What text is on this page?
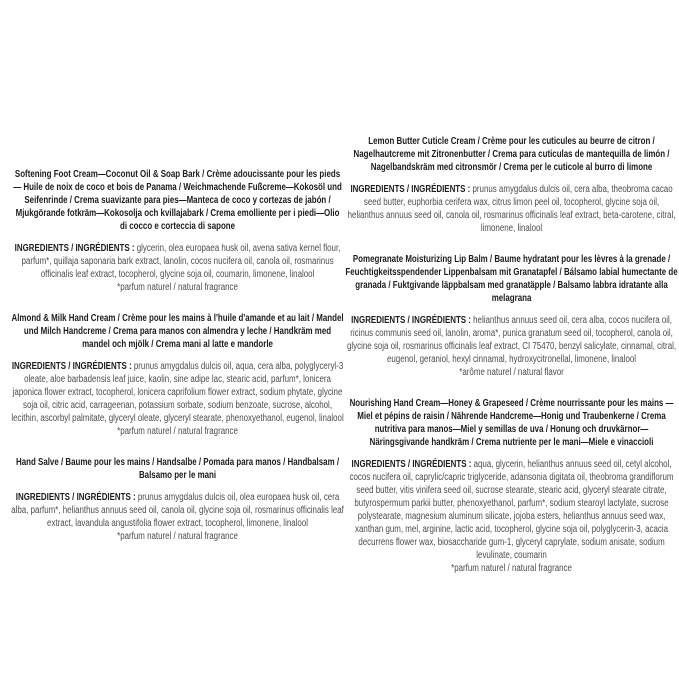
Softening Foot Cream—Coconut Oil & Soap Bark / Crème adoucissante pour les pieds — Huile de noix de coco et bois de Panama / Weichmachende Fußcreme—Kokosöl und Seifenrinde / Crema suavizante para pies—Manteca de coco y cortezas de jabón / Mjukgörande fotkräm—Kokosolja och kvillajabark / Crema emolliente per i piedi—Olio di cocco e corteccia di sapone

INGREDIENTS / INGRÉDIENTS : glycerin, olea europaea husk oil, avena sativa kernel flour, parfum*, quillaja saponaria bark extract, lanolin, cocos nucifera oil, canola oil, rosmarinus officinalis leaf extract, tocopherol, glycine soja oil, coumarin, limonene, linalool

*parfum naturel / natural fragrance

Almond & Milk Hand Cream / Crème pour les mains à l'huile d'amande et au lait / Mandel und Milch Handcreme / Crema para manos con almendra y leche / Handkräm med mandel och mjölk / Crema mani al latte e mandorle

INGREDIENTS / INGRÉDIENTS : prunus amygdalus dulcis oil, aqua, cera alba, polyglyceryl-3 oleate, aloe barbadensis leaf juice, kaolin, sine adipe lac, stearic acid, parfum*, lonicera japonica flower extract, tocopherol, lonicera caprifolium flower extract, sodium phytate, glycine soja oil, citric acid, carrageenan, potassium sorbate, sodium benzoate, sucrose, alcohol, lecithin, ascorbyl palmitate, glyceryl oleate, glyceryl stearate, phenoxyethanol, eugenol, linalool

*parfum naturel / natural fragrance

Hand Salve / Baume pour les mains / Handsalbe / Pomada para manos / Handbalsam / Balsamo per le mani

INGREDIENTS / INGRÉDIENTS : prunus amygdalus dulcis oil, olea europaea husk oil, cera alba, parfum*, helianthus annuus seed oil, canola oil, glycine soja oil, rosmarinus officinalis leaf extract, lavandula angustifolia flower extract, tocopherol, limonene, linalool

*parfum naturel / natural fragrance

Lemon Butter Cuticle Cream / Crème pour les cuticules au beurre de citron / Nagelhautcreme mit Zitronenbutter / Crema para cuticulas de mantequilla de limón / Nagelbandskräm med citronsmör / Crema per le cuticole al burro di limone

INGREDIENTS / INGRÉDIENTS : prunus amygdalus dulcis oil, cera alba, theobroma cacao seed butter, euphorbia cerifera wax, citrus limon peel oil, tocopherol, glycine soja oil, helianthus annuus seed oil, canola oil, rosmarinus officinalis leaf extract, beta-carotene, citral, limonene, linalool

Pomegranate Moisturizing Lip Balm / Baume hydratant pour les lèvres à la grenade / Feuchtigkeitsspendender Lippenbalsam mit Granatapfel / Bálsamo labial humectante de granada / Fuktgivande läppbalsam med granatäpple / Balsamo labbra idratante alla melagrana

INGREDIENTS / INGRÉDIENTS : helianthus annuus seed oil, cera alba, cocos nucifera oil, ricinus communis seed oil, lanolin, aroma*, punica granatum seed oil, tocopherol, canola oil, glycine soja oil, rosmarinus officinalis leaf extract, CI 75470, benzyl salicylate, cinnamal, citral, eugenol, geraniol, hexyl cinnamal, hydroxycitronellal, limonene, linalool

*arôme naturel / natural flavor

Nourishing Hand Cream—Honey & Grapeseed / Crème nourrissante pour les mains — Miel et pépins de raisin / Nährende Handcreme—Honig und Traubenkerne / Crema nutritiva para manos—Miel y semillas de uva / Honung och druvkärnor—Näringsgivande handkräm / Crema nutriente per le mani—Miele e vinaccioli

INGREDIENTS / INGRÉDIENTS : aqua, glycerin, helianthus annuus seed oil, cetyl alcohol, cocos nucifera oil, caprylic/capric triglyceride, adansonia digitata oil, theobroma grandiflorum seed butter, vitis vinifera seed oil, sucrose stearate, stearic acid, glyceryl stearate citrate, butyrospermum parkii butter, phenoxyethanol, parfum*, sodium stearoyl lactylate, sucrose polystearate, magnesium aluminum silicate, jojoba esters, helianthus annuus seed wax, xanthan gum, mel, arginine, lactic acid, tocopherol, glycine soja oil, polyglycerin-3, acacia decurrens flower wax, biosaccharide gum-1, glyceryl caprylate, sodium anisate, sodium levulinate, coumarin

*parfum naturel / natural fragrance
